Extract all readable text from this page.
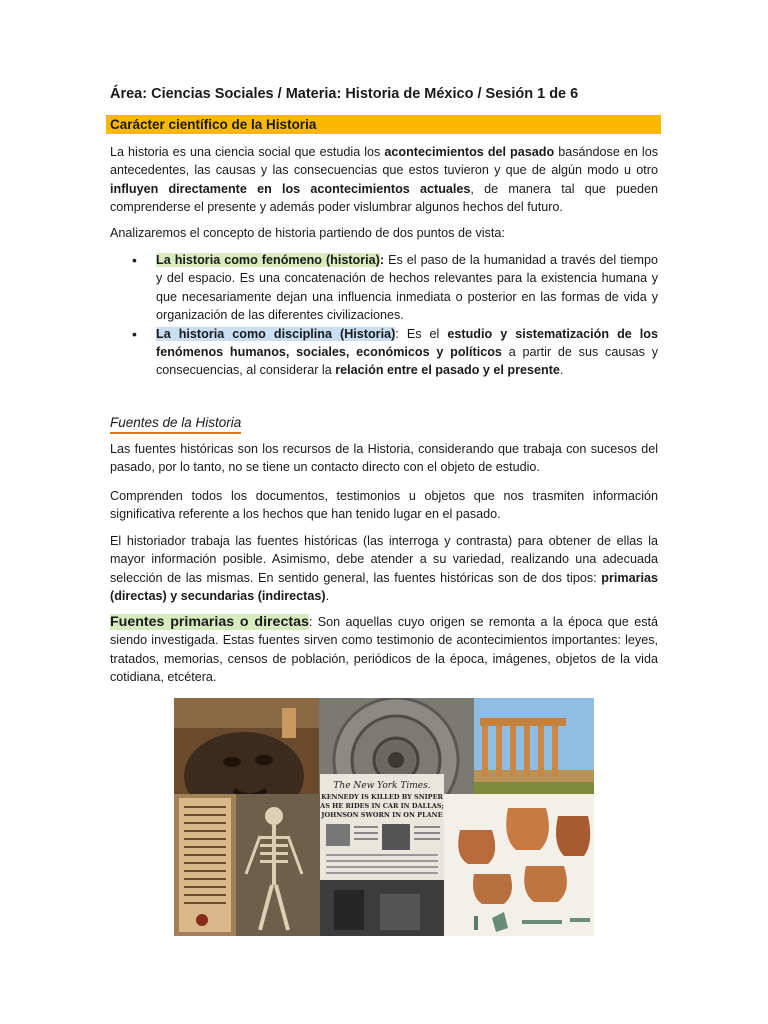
Área: Ciencias Sociales / Materia: Historia de México / Sesión 1 de 6
Carácter científico de la Historia
La historia es una ciencia social que estudia los acontecimientos del pasado basándose en los antecedentes, las causas y las consecuencias que estos tuvieron y que de algún modo u otro influyen directamente en los acontecimientos actuales, de manera tal que pueden comprenderse el presente y además poder vislumbrar algunos hechos del futuro.
Analizaremos el concepto de historia partiendo de dos puntos de vista:
• La historia como fenómeno (historia): Es el paso de la humanidad a través del tiempo y del espacio. Es una concatenación de hechos relevantes para la existencia humana y que necesariamente dejan una influencia inmediata o posterior en las formas de vida y organización de las diferentes civilizaciones.
• La historia como disciplina (Historia): Es el estudio y sistematización de los fenómenos humanos, sociales, económicos y políticos a partir de sus causas y consecuencias, al considerar la relación entre el pasado y el presente.
Fuentes de la Historia
Las fuentes históricas son los recursos de la Historia, considerando que trabaja con sucesos del pasado, por lo tanto, no se tiene un contacto directo con el objeto de estudio.
Comprenden todos los documentos, testimonios u objetos que nos trasmiten información significativa referente a los hechos que han tenido lugar en el pasado.
El historiador trabaja las fuentes históricas (las interroga y contrasta) para obtener de ellas la mayor información posible. Asimismo, debe atender a su variedad, realizando una adecuada selección de las mismas. En sentido general, las fuentes históricas son de dos tipos: primarias (directas) y secundarias (indirectas).
Fuentes primarias o directas: Son aquellas cuyo origen se remonta a la época que está siendo investigada. Estas fuentes sirven como testimonio de acontecimientos importantes: leyes, tratados, memorias, censos de población, periódicos de la época, imágenes, objetos de la vida cotidiana, etcétera.
The New York Times.
KENNEDY IS KILLED BY SNIPER
AS HE RIDES IN CAR IN DALLAS;
JOHNSON SWORN IN ON PLANE
